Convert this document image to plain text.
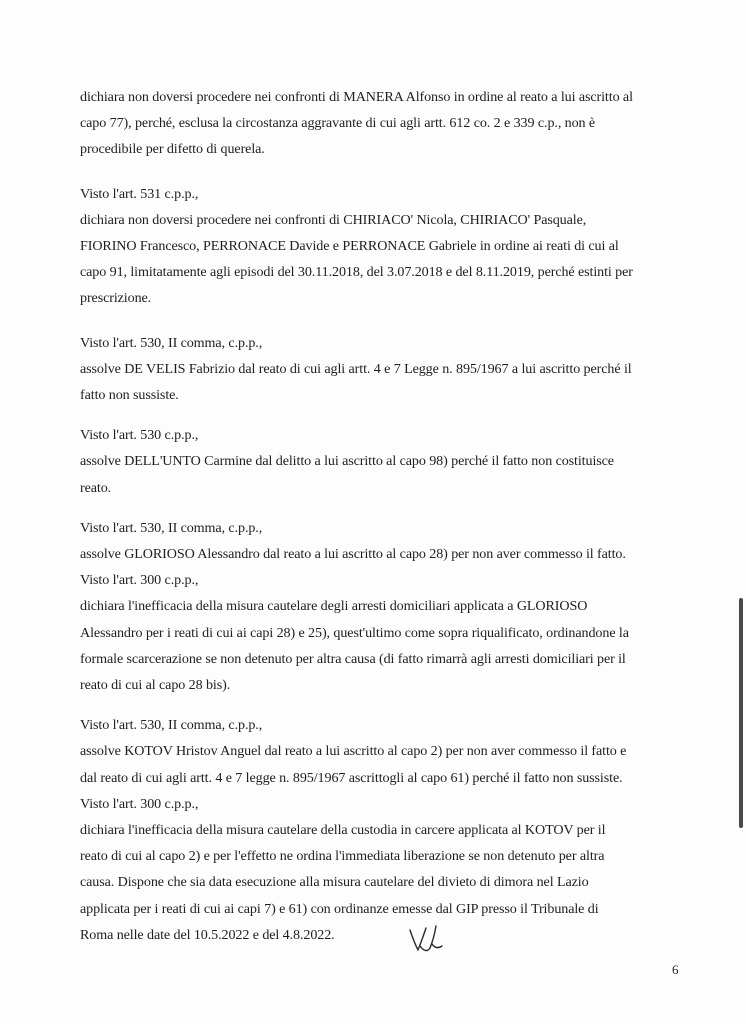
dichiara non doversi procedere nei confronti di MANERA Alfonso in ordine al reato a lui ascritto al
capo 77), perché, esclusa la circostanza aggravante di cui agli artt. 612 co. 2 e 339 c.p., non è
procedibile per difetto di querela.
Visto l'art. 531 c.p.p.,
dichiara non doversi procedere nei confronti di CHIRIACO' Nicola, CHIRIACO' Pasquale,
FIORINO Francesco, PERRONACE Davide e PERRONACE Gabriele in ordine ai reati di cui al
capo 91, limitatamente agli episodi del 30.11.2018, del 3.07.2018 e del 8.11.2019, perché estinti per
prescrizione.
Visto l'art. 530, II comma, c.p.p.,
assolve DE VELIS Fabrizio dal reato di cui agli artt. 4 e 7 Legge n. 895/1967 a lui ascritto perché il
fatto non sussiste.
Visto l'art. 530 c.p.p.,
assolve DELL'UNTO Carmine dal delitto a lui ascritto al capo 98) perché il fatto non costituisce
reato.
Visto l'art. 530, II comma, c.p.p.,
assolve GLORIOSO Alessandro dal reato a lui ascritto al capo 28) per non aver commesso il fatto.
Visto l'art. 300 c.p.p.,
dichiara l'inefficacia della misura cautelare degli arresti domiciliari applicata a GLORIOSO
Alessandro per i reati di cui ai capi 28) e 25), quest'ultimo come sopra riqualificato, ordinandone la
formale scarcerazione se non detenuto per altra causa (di fatto rimarrà agli arresti domiciliari per il
reato di cui al capo 28 bis).
Visto l'art. 530, II comma, c.p.p.,
assolve KOTOV Hristov Anguel dal reato a lui ascritto al capo 2) per non aver commesso il fatto e
dal reato di cui agli artt. 4 e 7 legge n. 895/1967 ascrittogli al capo 61) perché il fatto non sussiste.
Visto l'art. 300 c.p.p.,
dichiara l'inefficacia della misura cautelare della custodia in carcere applicata al KOTOV per il
reato di cui al capo 2) e per l'effetto ne ordina l'immediata liberazione se non detenuto per altra
causa. Dispone che sia data esecuzione alla misura cautelare del divieto di dimora nel Lazio
applicata per i reati di cui ai capi 7) e 61) con ordinanze emesse dal GIP presso il Tribunale di
Roma nelle date del 10.5.2022 e del 4.8.2022.
6
